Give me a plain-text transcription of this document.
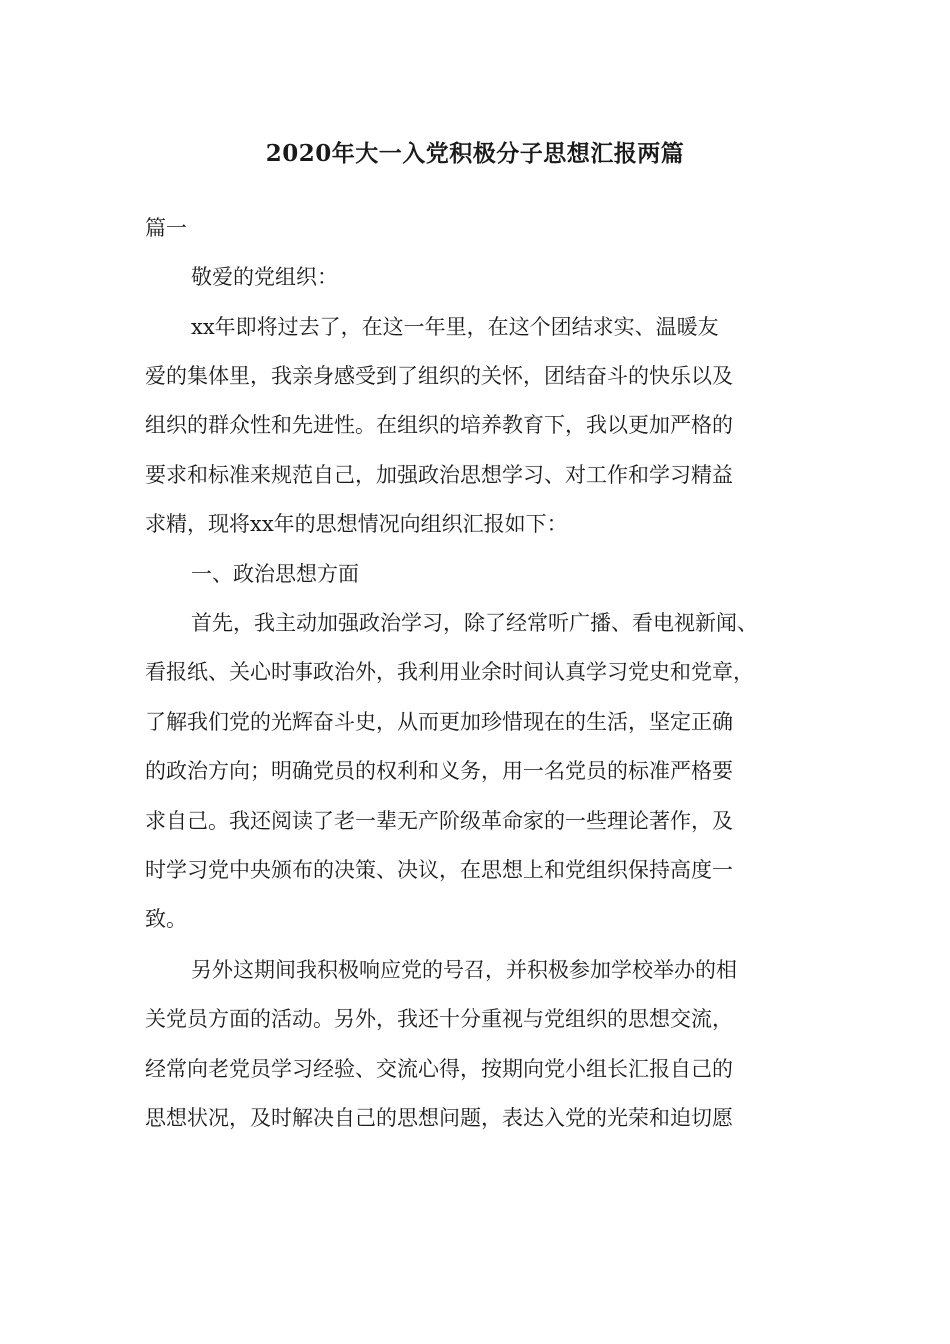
2020年大一入党积极分子思想汇报两篇

篇一

敬爱的党组织：

xx年即将过去了，在这一年里，在这个团结求实、温暖友

爱的集体里，我亲身感受到了组织的关怀，团结奋斗的快乐以及

组织的群众性和先进性。在组织的培养教育下，我以更加严格的

要求和标准来规范自己，加强政治思想学习、对工作和学习精益

求精，现将xx年的思想情况向组织汇报如下：

一、政治思想方面

首先，我主动加强政治学习，除了经常听广播、看电视新闻、

看报纸、关心时事政治外，我利用业余时间认真学习党史和党章，

了解我们党的光辉奋斗史，从而更加珍惜现在的生活，坚定正确

的政治方向；明确党员的权利和义务，用一名党员的标准严格要

求自己。我还阅读了老一辈无产阶级革命家的一些理论著作，及

时学习党中央颁布的决策、决议，在思想上和党组织保持高度一

致。

另外这期间我积极响应党的号召，并积极参加学校举办的相

关党员方面的活动。另外，我还十分重视与党组织的思想交流，

经常向老党员学习经验、交流心得，按期向党小组长汇报自己的

思想状况，及时解决自己的思想问题，表达入党的光荣和迫切愿
